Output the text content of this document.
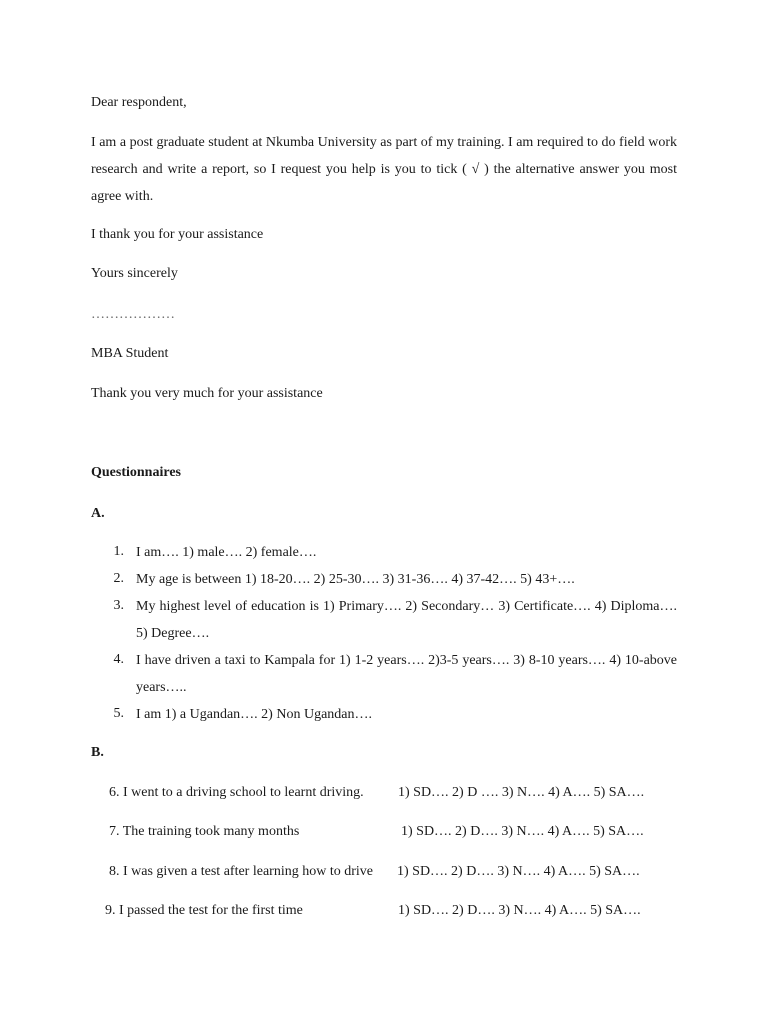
Dear respondent,
I am a post graduate student at Nkumba University as part of my training. I am required to do field work research and write a report, so I request you help is you to tick ( √ ) the alternative answer you most agree with.
I thank you for your assistance
Yours sincerely
………………
MBA Student
Thank you very much for your assistance
Questionnaires
A.
1. I am…. 1) male…. 2) female….
2. My age is between 1) 18-20…. 2) 25-30…. 3) 31-36…. 4) 37-42…. 5) 43+….
3. My highest level of education is 1) Primary…. 2) Secondary… 3) Certificate…. 4) Diploma…. 5) Degree….
4. I have driven a taxi to Kampala for 1) 1-2 years…. 2)3-5 years…. 3) 8-10 years…. 4) 10-above years…..
5. I am 1) a Ugandan…. 2) Non Ugandan….
B.
6. I went to a driving school to learnt driving. 1) SD…. 2) D …. 3) N…. 4) A…. 5) SA….
7. The training took many months	1) SD…. 2) D…. 3) N…. 4) A…. 5) SA….
8. I was given a test after learning how to drive 1) SD…. 2) D…. 3) N…. 4) A…. 5) SA….
9. I passed the test for the first time	1) SD…. 2) D…. 3) N…. 4) A…. 5) SA….
